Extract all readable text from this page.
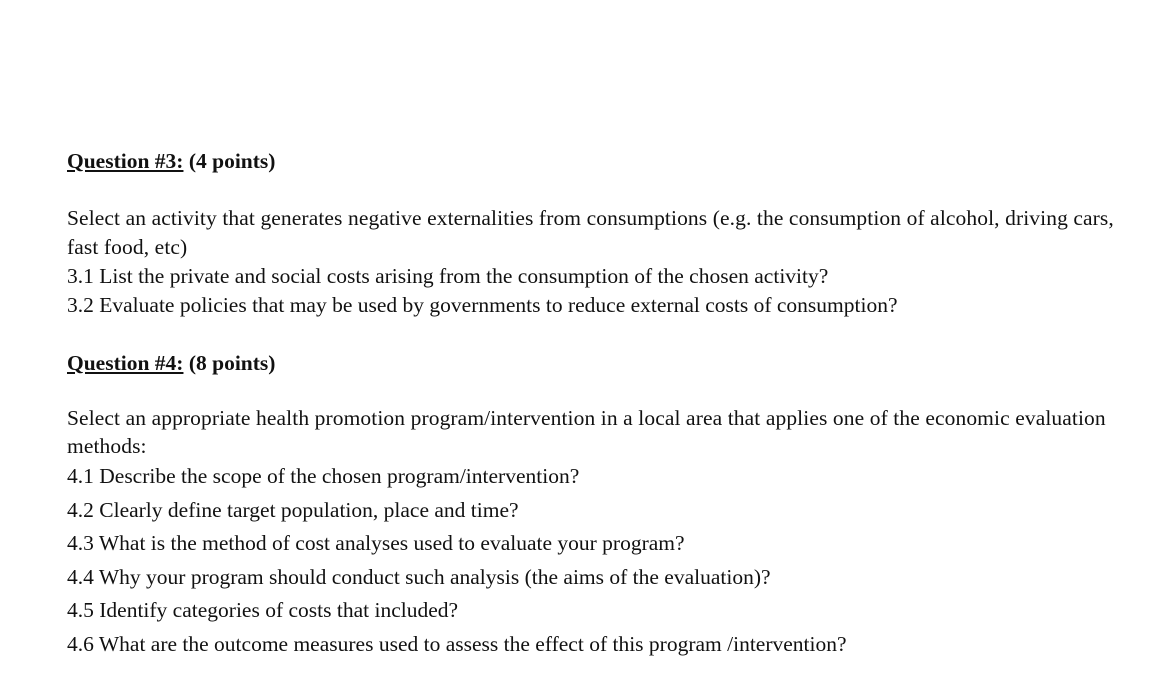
Question #3: (4 points)

Select an activity that generates negative externalities from consumptions (e.g. the consumption of alcohol, driving cars, fast food, etc)

3.1 List the private and social costs arising from the consumption of the chosen activity?

3.2 Evaluate policies that may be used by governments to reduce external costs of consumption?

Question #4: (8 points)

Select an appropriate health promotion program/intervention in a local area that applies one of the economic evaluation methods:

4.1 Describe the scope of the chosen program/intervention?

4.2 Clearly define target population, place and time?

4.3 What is the method of cost analyses used to evaluate your program?

4.4 Why your program should conduct such analysis (the aims of the evaluation)?

4.5 Identify categories of costs that included?

4.6 What are the outcome measures used to assess the effect of this program /intervention?
